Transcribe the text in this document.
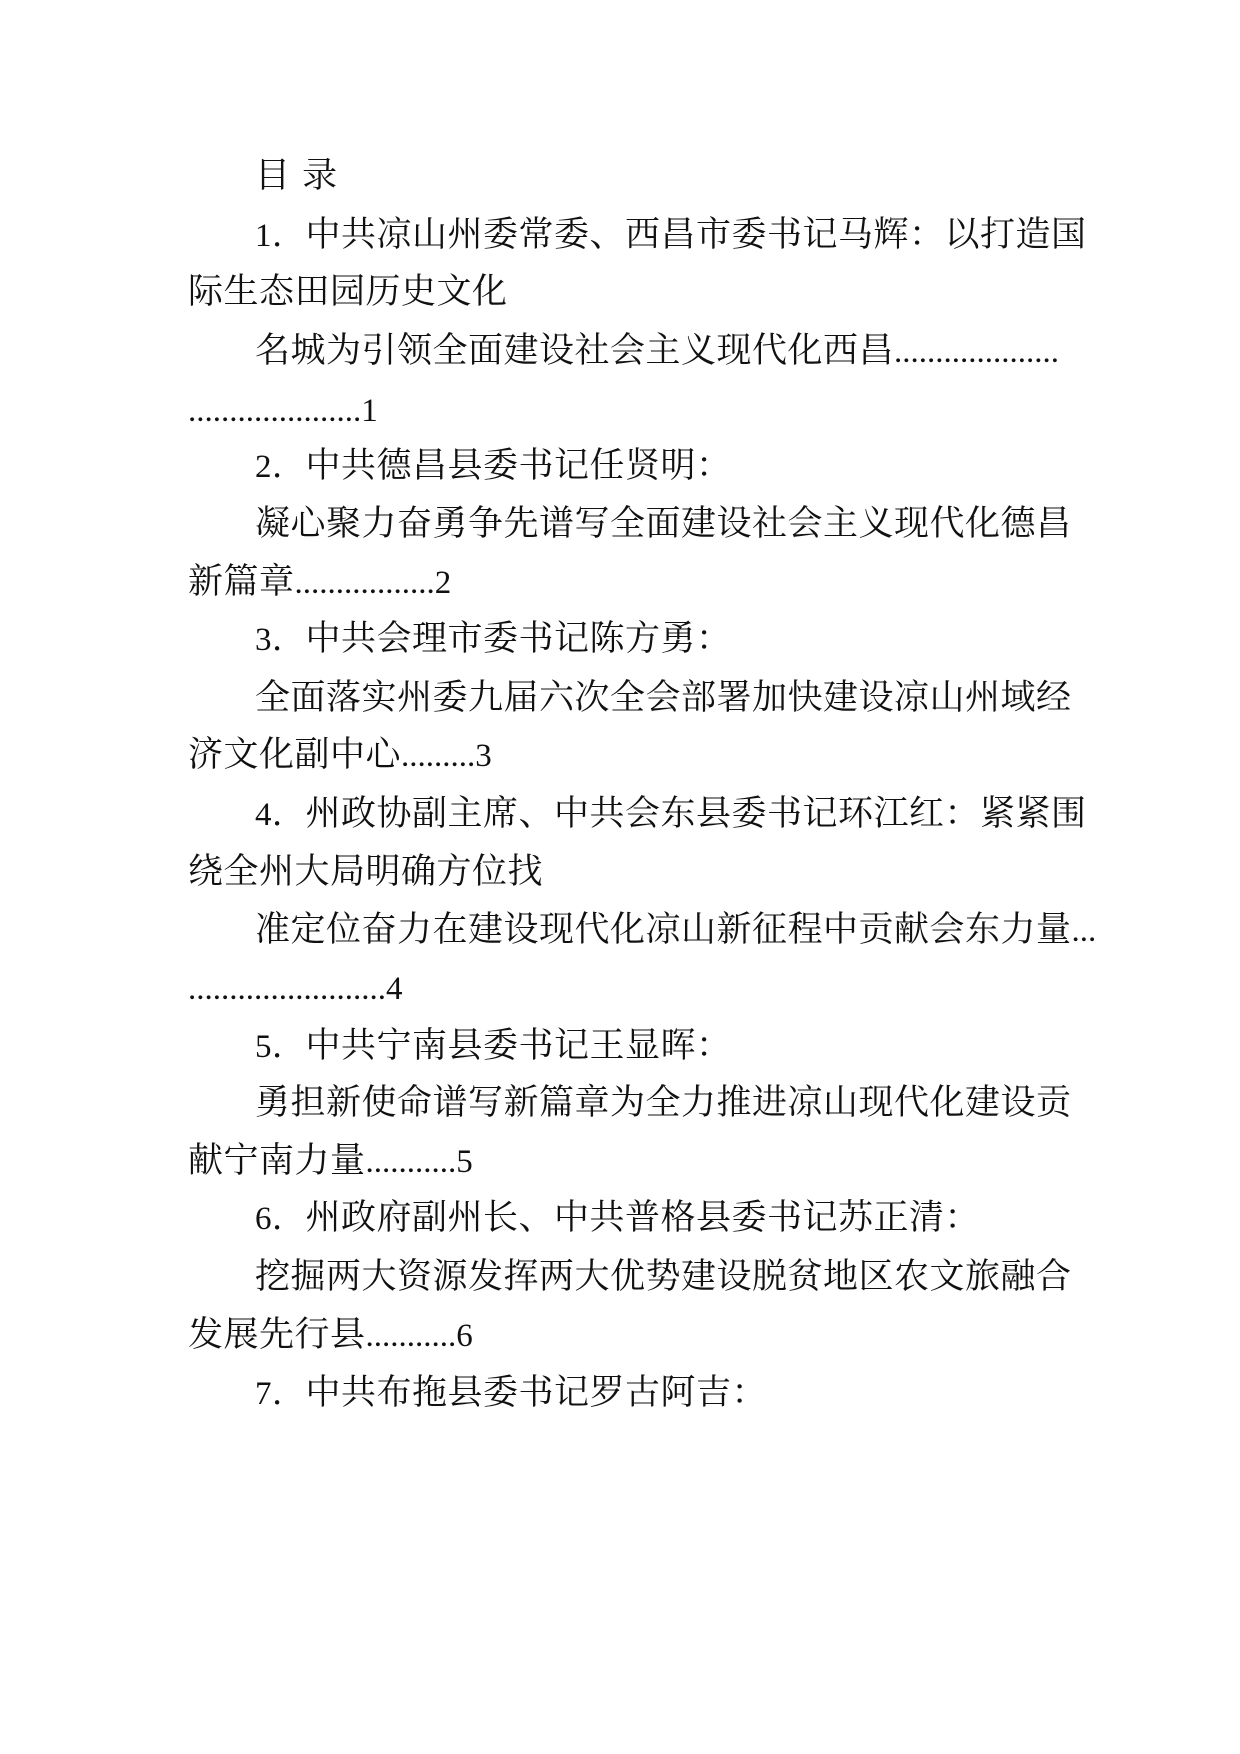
目 录
1．中共凉山州委常委、西昌市委书记马辉：以打造国
际生态田园历史文化
名城为引领全面建设社会主义现代化西昌....................
.....................1
2．中共德昌县委书记任贤明：
凝心聚力奋勇争先谱写全面建设社会主义现代化德昌
新篇章.................2
3．中共会理市委书记陈方勇：
全面落实州委九届六次全会部署加快建设凉山州域经
济文化副中心.........3
4．州政协副主席、中共会东县委书记环江红：紧紧围
绕全州大局明确方位找
准定位奋力在建设现代化凉山新征程中贡献会东力量...
........................4
5．中共宁南县委书记王显晖：
勇担新使命谱写新篇章为全力推进凉山现代化建设贡
献宁南力量...........5
6．州政府副州长、中共普格县委书记苏正清：
挖掘两大资源发挥两大优势建设脱贫地区农文旅融合
发展先行县...........6
7．中共布拖县委书记罗古阿吉：
